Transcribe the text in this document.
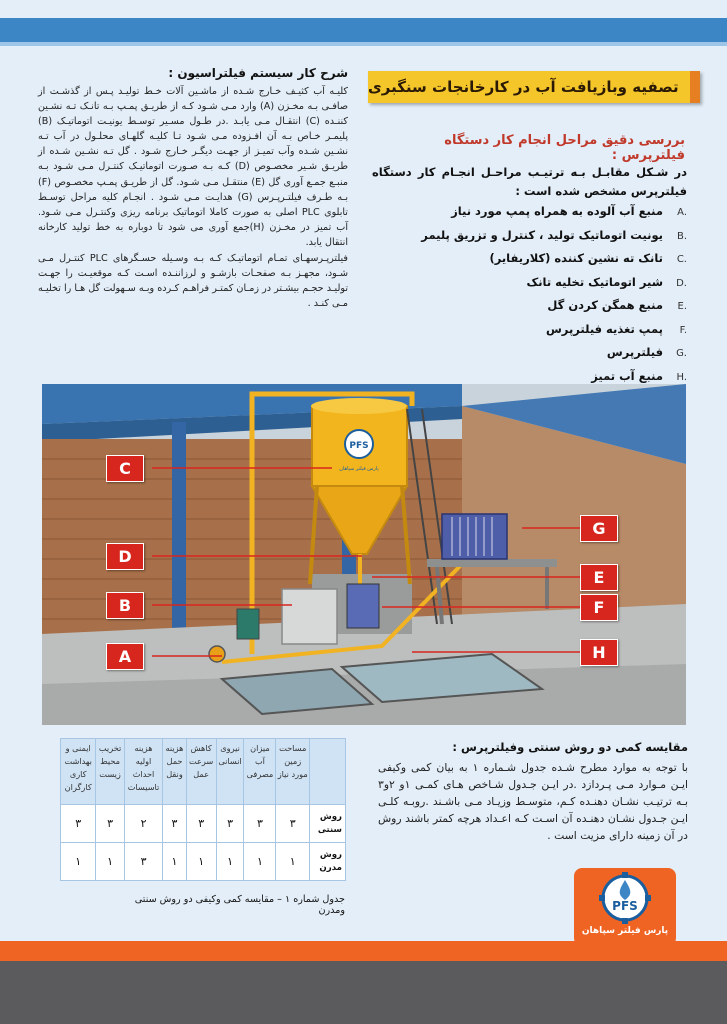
تصفیه وبازیافت آب در کارخانجات سنگبری
بررسی دقیق مراحل انجام کار دستگاه فیلترپرس :
در شـکل مقابـل بـه ترتیـب مراحـل انجـام کار دستگاه فیلترپرس مشخص شده است :
A.
منبع آب آلوده به همراه پمپ مورد نیاز
B.
یونیت اتوماتیک تولید ، کنترل و تزریق پلیمر
C.
تانک ته نشین کننده (کلاریفایر)
D.
شیر اتوماتیک تخلیه تانک
E.
منبع همگن کردن گل
F.
پمپ تغذیه فیلترپرس
G.
فیلترپرس
H.
منبع آب تمیز
شرح کار سیستم فیلتراسیون :

کلیـه آب کثیـف خـارج شـده از ماشـین آلات خـط تولیـد پـس از گذشـت از صافـی بـه مخـزن (A) وارد مـی شـود کـه از طریـق پمـپ بـه تانـک تـه نشـین کننـده (C) انتقـال مـی یابـد .در طـول مسـیر توسـط یونیـت اتوماتیـک (B) پلیمـر خـاص بـه آن افـزوده مـی شـود تـا کلیـه گلهـای محلـول در آب تـه نشـین شـده وآب تمیـز از جهـت دیگـر خـارج شـود . گل تـه نشـین شـده از طریـق شـیر مخصـوص (D) کـه بـه صـورت اتوماتیـک کنتـرل مـی شـود بـه منبـع جمـع آوری گل (E) منتقـل مـی شـود. گل از طریـق پمـپ مخصـوص (F) بـه طـرف فیلتـرپـرس (G) هدایـت مـی شـود . انجـام کلیه مراحل توسـط تابلوی PLC اصلی به صورت کاملا اتوماتیک برنامه ریزی وکنتـرل مـی شـود. آب تمیز در مخـزن (H)جمع آوری می شود تا دوباره به خط تولید کارخانه انتقال یابد.

فیلترپـرسهـای تمـام اتوماتیـک کـه بـه وسـیله حسـگرهای PLC کنتـرل مـی شـود، مجهـز بـه صفحـات بازشـو و لرزاننـده اسـت کـه موقعیـت را جهـت تولیـد حجـم بیشـتر در زمـان کمتـر فراهـم کـرده وبـه سـهولت گل هـا را تخلیـه مـی کنـد .

PFS
پارس فیلتر سپاهان
C
D
B
A
G
E
F
H
مقایسه کمی دو روش سنتی وفیلترپرس :
با توجه به موارد مطرح شـده جدول شـماره ۱ به بیان کمی وکیفی ایـن مـوارد مـی پـردازد .در ایـن جـدول شـاخص هـای کمـی ۱و ۲و۳ بـه ترتیـب نشـان دهنـده کـم، متوسـط وزیـاد مـی باشـند .روبـه کلـی ایـن جـدول نشـان دهنـده آن اسـت کـه اعـداد هرچه کمتر باشند روش در آن زمینه دارای مزیت است .
	مساحت زمین مورد نیاز	میزان آب مصرفی	نیروی انسانی	کاهش سرعت عمل	هزینه حمل ونقل	هزینه اولیه احداث تاسیسات	تخریب محیط زیست	ایمنی و بهداشت کاری کارگران
روش سنتی	۳	۳	۳	۳	۳	۲	۳	۳
روش مدرن	۱	۱	۱	۱	۱	۳	۱	۱
جدول شماره ۱ – مقایسه کمی وکیفی دو روش سنتی ومدرن	PFS
پارس فیلتر سپاهان
